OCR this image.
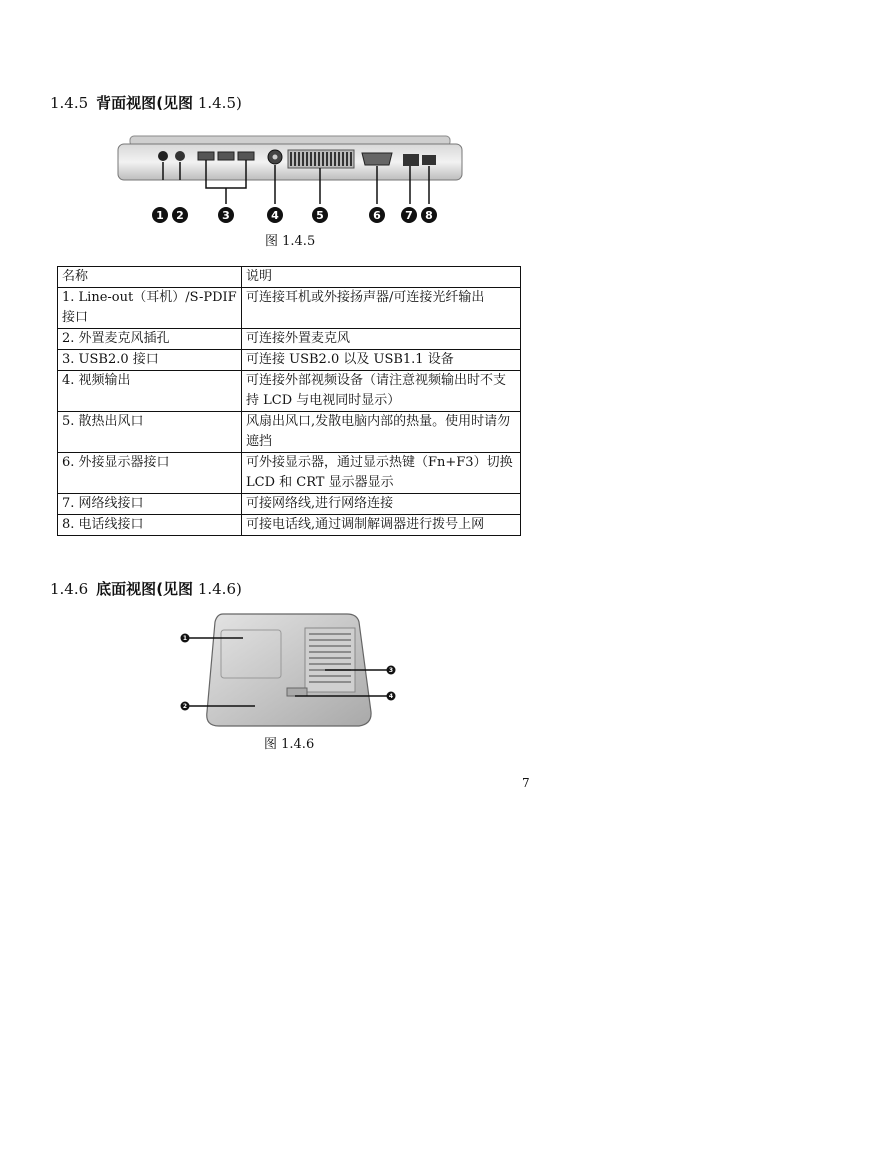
1.4.5 背面视图(见图 1.4.5)
1 2	3	4	5	6 7 8
图 1.4.5
名称	说明
1. Line-out（耳机）/S-PDIF 接口	可连接耳机或外接扬声器/可连接光纤输出
2. 外置麦克风插孔	可连接外置麦克风
3. USB2.0 接口	可连接 USB2.0 以及 USB1.1 设备
4. 视频输出	可连接外部视频设备（请注意视频输出时不支持 LCD 与电视同时显示）
5. 散热出风口	风扇出风口,发散电脑内部的热量。使用时请勿遮挡
6. 外接显示器接口	可外接显示器，通过显示热键（Fn+F3）切换 LCD 和 CRT 显示器显示
7. 网络线接口	可接网络线,进行网络连接
8. 电话线接口	可接电话线,通过调制解调器进行拨号上网
1.4.6 底面视图(见图 1.4.6)
1
2
3
4
图 1.4.6
7
